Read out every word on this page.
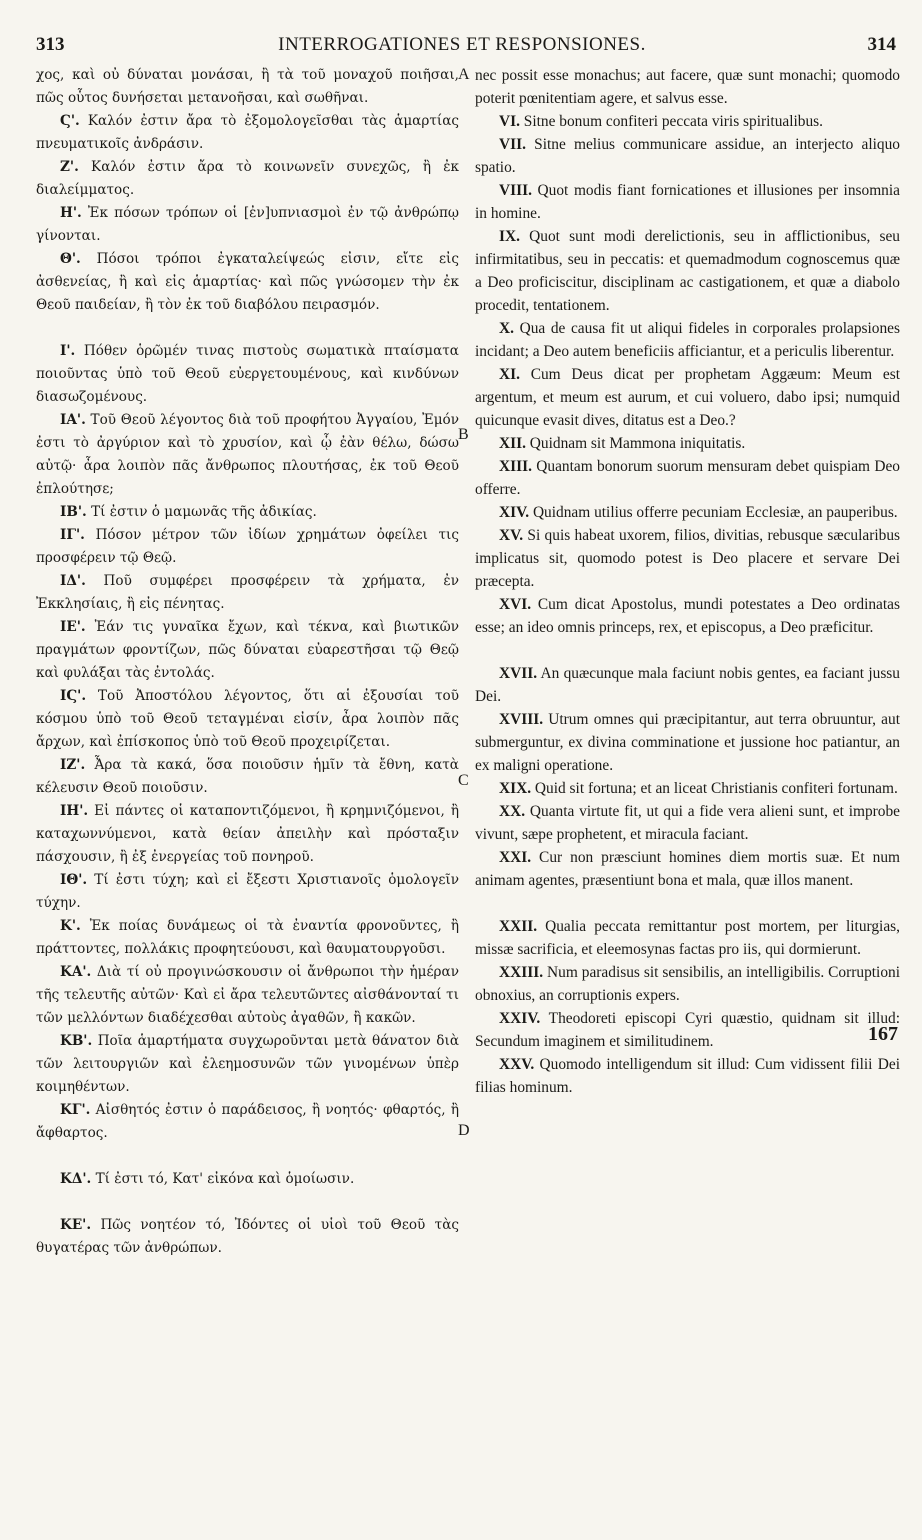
313	INTERROGATIONES ET RESPONSIONES.	314
χος, καὶ οὐ δύναται μονάσαι, ἢ τὰ τοῦ μοναχοῦ ποιῆσαι, πῶς οὗτος δυνήσεται μετανοῆσαι, καὶ σωθῆναι.
Ϛ'. Καλόν ἐστιν ἄρα τὸ ἐξομολογεῖσθαι τὰς ἁμαρτίας πνευματικοῖς ἀνδράσιν.
Ζ'. Καλόν ἐστιν ἄρα τὸ κοινωνεῖν συνεχῶς, ἢ ἐκ διαλείμματος.
Η'. Ἐκ πόσων τρόπων οἱ [ἐν]υπνιασμοὶ ἐν τῷ ἀνθρώπῳ γίνονται.
Θ'. Πόσοι τρόποι ἐγκαταλείψεώς εἰσιν, εἴτε εἰς ἀσθενείας, ἢ καὶ εἰς ἁμαρτίας· καὶ πῶς γνώσομεν τὴν ἐκ Θεοῦ παιδείαν, ἢ τὸν ἐκ τοῦ διαβόλου πειρασμόν.
Ι'. Πόθεν ὁρῶμέν τινας πιστοὺς σωματικὰ πταίσματα ποιοῦντας ὑπὸ τοῦ Θεοῦ εὐεργετουμένους, καὶ κινδύνων διασωζομένους.
ΙΑ'. Τοῦ Θεοῦ λέγοντος διὰ τοῦ προφήτου Ἀγγαίου, Ἐμόν ἐστι τὸ ἀργύριον καὶ τὸ χρυσίον, καὶ ᾧ ἐὰν θέλω, δώσω αὐτῷ· ἆρα λοιπὸν πᾶς ἄνθρωπος πλουτήσας, ἐκ τοῦ Θεοῦ ἐπλούτησε;
ΙΒ'. Τί ἐστιν ὁ μαμωνᾶς τῆς ἀδικίας.
ΙΓ'. Πόσον μέτρον τῶν ἰδίων χρημάτων ὀφείλει τις προσφέρειν τῷ Θεῷ.
ΙΔ'. Ποῦ συμφέρει προσφέρειν τὰ χρήματα, ἐν Ἐκκλησίαις, ἢ εἰς πένητας.
ΙΕ'. Ἐάν τις γυναῖκα ἔχων, καὶ τέκνα, καὶ βιωτικῶν πραγμάτων φροντίζων, πῶς δύναται εὐαρεστῆσαι τῷ Θεῷ καὶ φυλάξαι τὰς ἐντολάς.
ΙϚ'. Τοῦ Ἀποστόλου λέγοντος, ὅτι αἱ ἐξουσίαι τοῦ κόσμου ὑπὸ τοῦ Θεοῦ τεταγμέναι εἰσίν, ἆρα λοιπὸν πᾶς ἄρχων, καὶ ἐπίσκοπος ὑπὸ τοῦ Θεοῦ προχειρίζεται.
ΙΖ'. Ἆρα τὰ κακά, ὅσα ποιοῦσιν ἡμῖν τὰ ἔθνη, κατὰ κέλευσιν Θεοῦ ποιοῦσιν.
ΙΗ'. Εἰ πάντες οἱ καταποντιζόμενοι, ἢ κρημνιζόμενοι, ἢ καταχωννύμενοι, κατὰ θείαν ἀπειλὴν καὶ πρόσταξιν πάσχουσιν, ἢ ἐξ ἐνεργείας τοῦ πονηροῦ.
ΙΘ'. Τί ἐστι τύχη; καὶ εἰ ἔξεστι Χριστιανοῖς ὁμολογεῖν τύχην.
Κ'. Ἐκ ποίας δυνάμεως οἱ τὰ ἐναντία φρονοῦντες, ἢ πράττοντες, πολλάκις προφητεύουσι, καὶ θαυματουργοῦσι.
ΚΑ'. Διὰ τί οὐ προγινώσκουσιν οἱ ἄνθρωποι τὴν ἡμέραν τῆς τελευτῆς αὐτῶν· Καὶ εἰ ἄρα τελευτῶντες αἰσθάνονταί τι τῶν μελλόντων διαδέχεσθαι αὐτοὺς ἀγαθῶν, ἢ κακῶν.
ΚΒ'. Ποῖα ἁμαρτήματα συγχωροῦνται μετὰ θάνατον διὰ τῶν λειτουργιῶν καὶ ἐλεημοσυνῶν τῶν γινομένων ὑπὲρ κοιμηθέντων.
ΚΓ'. Αἰσθητός ἐστιν ὁ παράδεισος, ἢ νοητός· φθαρτός, ἢ ἄφθαρτος.
ΚΔ'. Τί ἐστι τό, Κατ' εἰκόνα καὶ ὁμοίωσιν.
ΚΕ'. Πῶς νοητέον τό, Ἰδόντες οἱ υἱοὶ τοῦ Θεοῦ τὰς θυγατέρας τῶν ἀνθρώπων.
nec possit esse monachus; aut facere, quæ sunt monachi; quomodo poterit pœnitentiam agere, et salvus esse.
VI. Sitne bonum confiteri peccata viris spiritualibus.
VII. Sitne melius communicare assidue, an interjecto aliquo spatio.
VIII. Quot modis fiant fornicationes et illusiones per insomnia in homine.
IX. Quot sunt modi derelictionis, seu in afflictionibus, seu infirmitatibus, seu in peccatis: et quemadmodum cognoscemus quæ a Deo proficiscitur, disciplinam ac castigationem, et quæ a diabolo procedit, tentationem.
X. Qua de causa fit ut aliqui fideles in corporales prolapsiones incidant; a Deo autem beneficiis afficiantur, et a periculis liberentur.
XI. Cum Deus dicat per prophetam Aggæum: Meum est argentum, et meum est aurum, et cui voluero, dabo ipsi; numquid quicunque evasit dives, ditatus est a Deo.?
XII. Quidnam sit Mammona iniquitatis.
XIII. Quantam bonorum suorum mensuram debet quispiam Deo offerre.
XIV. Quidnam utilius offerre pecuniam Ecclesiæ, an pauperibus.
XV. Si quis habeat uxorem, filios, divitias, rebusque sæcularibus implicatus sit, quomodo potest is Deo placere et servare Dei præcepta.
XVI. Cum dicat Apostolus, mundi potestates a Deo ordinatas esse; an ideo omnis princeps, rex, et episcopus, a Deo præficitur.
XVII. An quæcunque mala faciunt nobis gentes, ea faciant jussu Dei.
XVIII. Utrum omnes qui præcipitantur, aut terra obruuntur, aut submerguntur, ex divina comminatione et jussione hoc patiantur, an ex maligni operatione.
XIX. Quid sit fortuna; et an liceat Christianis confiteri fortunam.
XX. Quanta virtute fit, ut qui a fide vera alieni sunt, et improbe vivunt, sæpe prophetent, et miracula faciant.
XXI. Cur non præsciunt homines diem mortis suæ. Et num animam agentes, præsentiunt bona et mala, quæ illos manent.
XXII. Qualia peccata remittantur post mortem, per liturgias, missæ sacrificia, et eleemosynas factas pro iis, qui dormierunt.
XXIII. Num paradisus sit sensibilis, an intelligibilis. Corruptioni obnoxius, an corruptionis expers.
XXIV. Theodoreti episcopi Cyri quæstio, quidnam sit illud: Secundum imaginem et similitudinem.
XXV. Quomodo intelligendum sit illud: Cum vidissent filii Dei filias hominum.
A
B
C
D
167
